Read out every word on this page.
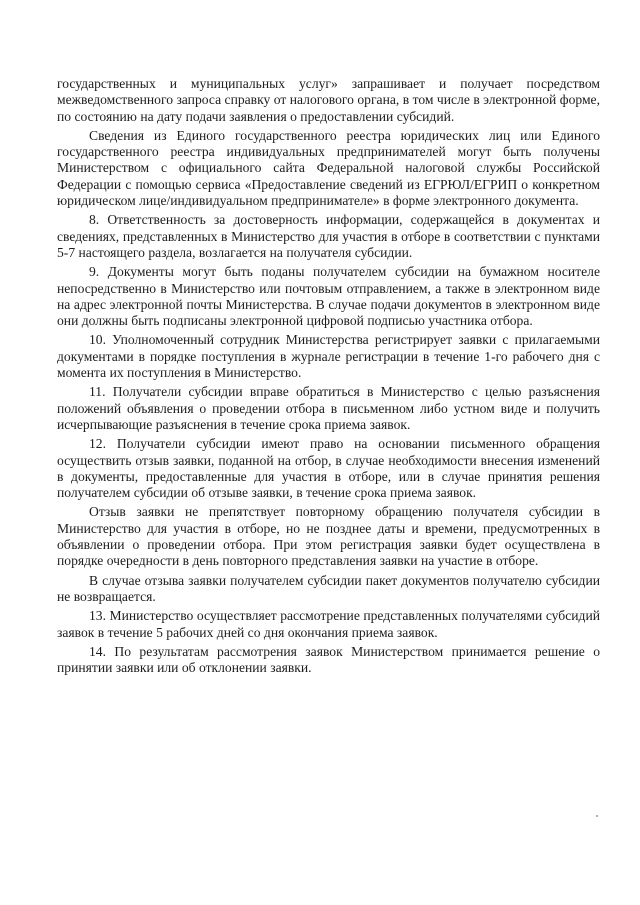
государственных и муниципальных услуг» запрашивает и получает посредством межведомственного запроса справку от налогового органа, в том числе в электронной форме, по состоянию на дату подачи заявления о предоставлении субсидий.

Сведения из Единого государственного реестра юридических лиц или Единого государственного реестра индивидуальных предпринимателей могут быть получены Министерством с официального сайта Федеральной налоговой службы Российской Федерации с помощью сервиса «Предоставление сведений из ЕГРЮЛ/ЕГРИП о конкретном юридическом лице/индивидуальном предпринимателе» в форме электронного документа.

8. Ответственность за достоверность информации, содержащейся в документах и сведениях, представленных в Министерство для участия в отборе в соответствии с пунктами 5-7 настоящего раздела, возлагается на получателя субсидии.

9. Документы могут быть поданы получателем субсидии на бумажном носителе непосредственно в Министерство или почтовым отправлением, а также в электронном виде на адрес электронной почты Министерства. В случае подачи документов в электронном виде они должны быть подписаны электронной цифровой подписью участника отбора.

10. Уполномоченный сотрудник Министерства регистрирует заявки с прилагаемыми документами в порядке поступления в журнале регистрации в течение 1-го рабочего дня с момента их поступления в Министерство.

11. Получатели субсидии вправе обратиться в Министерство с целью разъяснения положений объявления о проведении отбора в письменном либо устном виде и получить исчерпывающие разъяснения в течение срока приема заявок.

12. Получатели субсидии имеют право на основании письменного обращения осуществить отзыв заявки, поданной на отбор, в случае необходимости внесения изменений в документы, предоставленные для участия в отборе, или в случае принятия решения получателем субсидии об отзыве заявки, в течение срока приема заявок.

Отзыв заявки не препятствует повторному обращению получателя субсидии в Министерство для участия в отборе, но не позднее даты и времени, предусмотренных в объявлении о проведении отбора. При этом регистрация заявки будет осуществлена в порядке очередности в день повторного представления заявки на участие в отборе.

В случае отзыва заявки получателем субсидии пакет документов получателю субсидии не возвращается.

13. Министерство осуществляет рассмотрение представленных получателями субсидий заявок в течение 5 рабочих дней со дня окончания приема заявок.

14. По результатам рассмотрения заявок Министерством принимается решение о принятии заявки или об отклонении заявки.
